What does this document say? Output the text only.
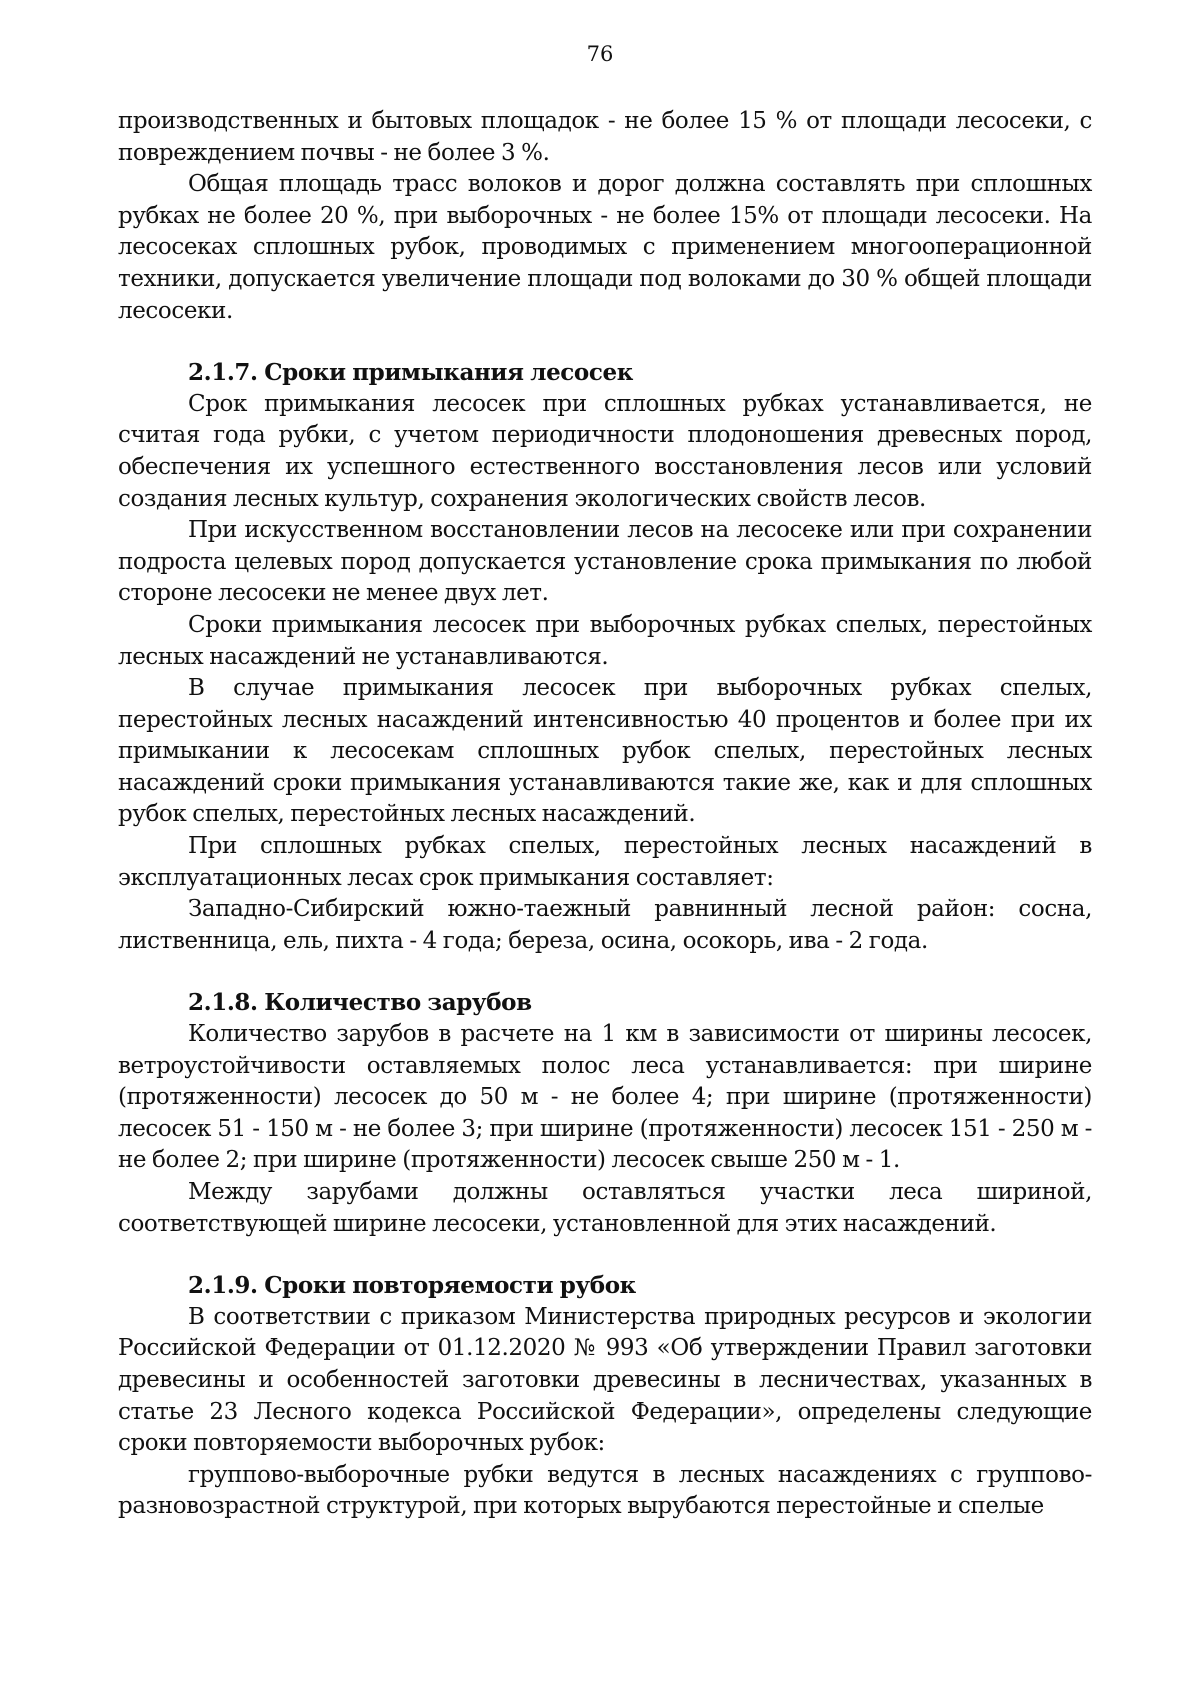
76

производственных и бытовых площадок - не более 15 % от площади лесосеки, с повреждением почвы - не более 3 %.

Общая площадь трасс волоков и дорог должна составлять при сплошных рубках не более 20 %, при выборочных - не более 15% от площади лесосеки. На лесосеках сплошных рубок, проводимых с применением многооперационной техники, допускается увеличение площади под волоками до 30 % общей площади лесосеки.

2.1.7. Сроки примыкания лесосек

Срок примыкания лесосек при сплошных рубках устанавливается, не считая года рубки, с учетом периодичности плодоношения древесных пород, обеспечения их успешного естественного восстановления лесов или условий создания лесных культур, сохранения экологических свойств лесов.

При искусственном восстановлении лесов на лесосеке или при сохранении подроста целевых пород допускается установление срока примыкания по любой стороне лесосеки не менее двух лет.

Сроки примыкания лесосек при выборочных рубках спелых, перестойных лесных насаждений не устанавливаются.

В случае примыкания лесосек при выборочных рубках спелых, перестойных лесных насаждений интенсивностью 40 процентов и более при их примыкании к лесосекам сплошных рубок спелых, перестойных лесных насаждений сроки примыкания устанавливаются такие же, как и для сплошных рубок спелых, перестойных лесных насаждений.

При сплошных рубках спелых, перестойных лесных насаждений в эксплуатационных лесах срок примыкания составляет:

Западно-Сибирский южно-таежный равнинный лесной район: сосна, лиственница, ель, пихта - 4 года; береза, осина, осокорь, ива - 2 года.

2.1.8. Количество зарубов

Количество зарубов в расчете на 1 км в зависимости от ширины лесосек, ветроустойчивости оставляемых полос леса устанавливается: при ширине (протяженности) лесосек до 50 м - не более 4; при ширине (протяженности) лесосек 51 - 150 м - не более 3; при ширине (протяженности) лесосек 151 - 250 м - не более 2; при ширине (протяженности) лесосек свыше 250 м - 1.

Между зарубами должны оставляться участки леса шириной, соответствующей ширине лесосеки, установленной для этих насаждений.

2.1.9. Сроки повторяемости рубок

В соответствии с приказом Министерства природных ресурсов и экологии Российской Федерации от 01.12.2020 № 993 «Об утверждении Правил заготовки древесины и особенностей заготовки древесины в лесничествах, указанных в статье 23 Лесного кодекса Российской Федерации», определены следующие сроки повторяемости выборочных рубок:

группово-выборочные рубки ведутся в лесных насаждениях с группово-разновозрастной структурой, при которых вырубаются перестойные и спелые
